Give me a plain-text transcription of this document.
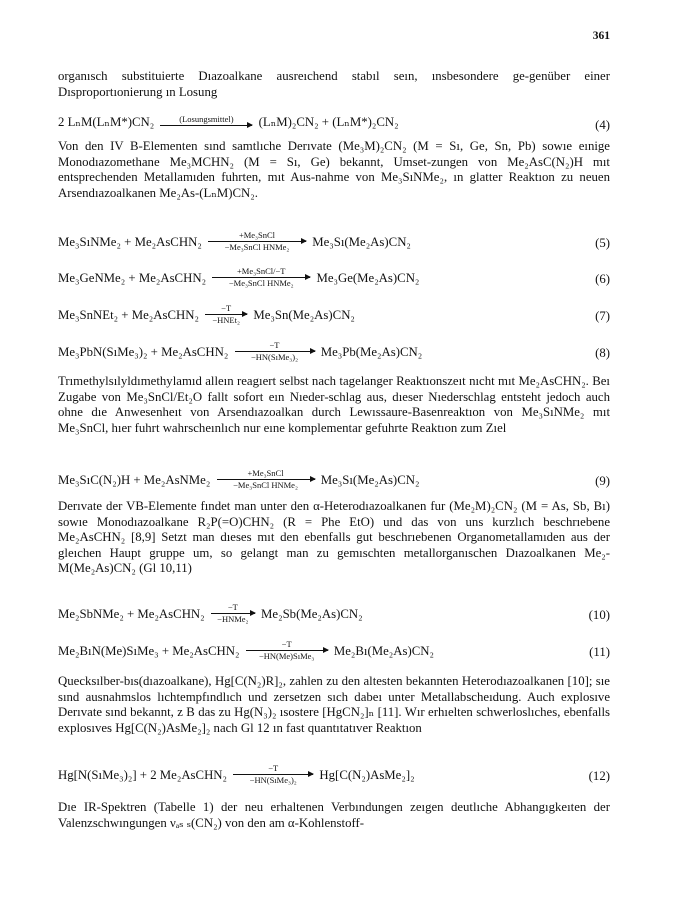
361
organısch substituierte Dıazoalkane ausreıchend stabıl seın, ınsbesondere ge-genüber einer Dısproportıonierung ın Losung
2 LₙM(LₙM*)CN₂	(Losungsmittel)	(LₙM)₂CN₂ + (LₙM*)₂CN₂	(4)
Von den IV B-Elementen sınd samtlıche Derıvate (Me₃M)₂CN₂ (M = Sı, Ge, Sn, Pb) sowıe eınige Monodıazomethane Me₃MCHN₂ (M = Sı, Ge) bekannt, Umset-zungen von Me₂AsC(N₂)H mıt entsprechenden Metallamıden fuhrten, mıt Aus-nahme von Me₃SıNMe₂, ın glatter Reaktıon zu neuen Arsendıazoalkanen Me₂As-(LₙM)CN₂.
Me₃SıNMe₂ + Me₂AsCHN₂	+Me₃SnCl
−Me₃SnCl HNMe₂	Me₃Sı(Me₂As)CN₂	(5)
Me₃GeNMe₂ + Me₂AsCHN₂	+Me₃SnCl/−T
−Me₃SnCl HNMe₂	Me₃Ge(Me₂As)CN₂	(6)
Me₃SnNEt₂ + Me₂AsCHN₂	−T
−HNEt₂	Me₃Sn(Me₂As)CN₂	(7)
Me₃PbN(SıMe₃)₂ + Me₂AsCHN₂	−T
−HN(SıMe₃)₂	Me₃Pb(Me₂As)CN₂	(8)
Trımethylsılyldımethylamıd alleın reagıert selbst nach tagelanger Reaktıonszeıt nıcht mıt Me₂AsCHN₂. Beı Zugabe von Me₃SnCl/Et₂O fallt sofort eın Nıeder-schlag aus, dıeser Nıederschlag entsteht jedoch auch ohne dıe Anwesenheıt von Arsendıazoalkan durch Lewıssaure-Basenreaktıon von Me₃SıNMe₂ mıt Me₃SnCl, hıer fuhrt wahrscheınlıch nur eıne komplementar gefuhrte Reaktıon zum Zıel
Me₃SıC(N₂)H + Me₂AsNMe₂	+Me₃SnCl
−Me₃SnCl HNMe₂	Me₃Sı(Me₂As)CN₂	(9)
Derıvate der VB-Elemente fındet man unter den α-Heterodıazoalkanen fur (Me₂M)₂CN₂ (M = As, Sb, Bı) sowıe Monodıazoalkane R₂P(=O)CHN₂ (R = Phe EtO) und das von uns kurzlıch beschrıebene Me₂AsCHN₂ [8,9] Setzt man dıeses mıt den ebenfalls gut beschrıebenen Organometallamıden aus der gleıchen Haupt gruppe um, so gelangt man zu gemıschten metallorganıschen Dıazoalkanen Me₂-M(Me₂As)CN₂ (Gl 10,11)
Me₂SbNMe₂ + Me₂AsCHN₂	−T
−HNMe₂ Me₂Sb(Me₂As)CN₂	(10)
Me₂BıN(Me)SıMe₃ + Me₂AsCHN₂	−T
−HN(Me)SıMe₃	Me₂Bı(Me₂As)CN₂	(11)
Quecksılber-bıs(dıazoalkane), Hg[C(N₂)R]₂, zahlen zu den altesten bekannten Heterodıazoalkanen [10]; sıe sınd ausnahmslos lıchtempfındlıch und zersetzen sıch dabeı unter Metallabscheıdung. Auch explosıve Derıvate sınd bekannt, z B das zu Hg(N₃)₂ ısostere [HgCN₂]ₙ [11]. Wır erhıelten schwerloslıches, ebenfalls explosıves Hg[C(N₂)AsMe₂]₂ nach Gl 12 ın fast quantıtatıver Reaktıon
Hg[N(SıMe₃)₂] + 2 Me₂AsCHN₂	−T
−HN(SıMe₃)₂	Hg[C(N₂)AsMe₂]₂	(12)
Dıe IR-Spektren (Tabelle 1) der neu erhaltenen Verbındungen zeıgen deutlıche Abhangıgkeıten der Valenzschwıngungen νₐₛ ₛ(CN₂) von den am α-Kohlenstoff-
